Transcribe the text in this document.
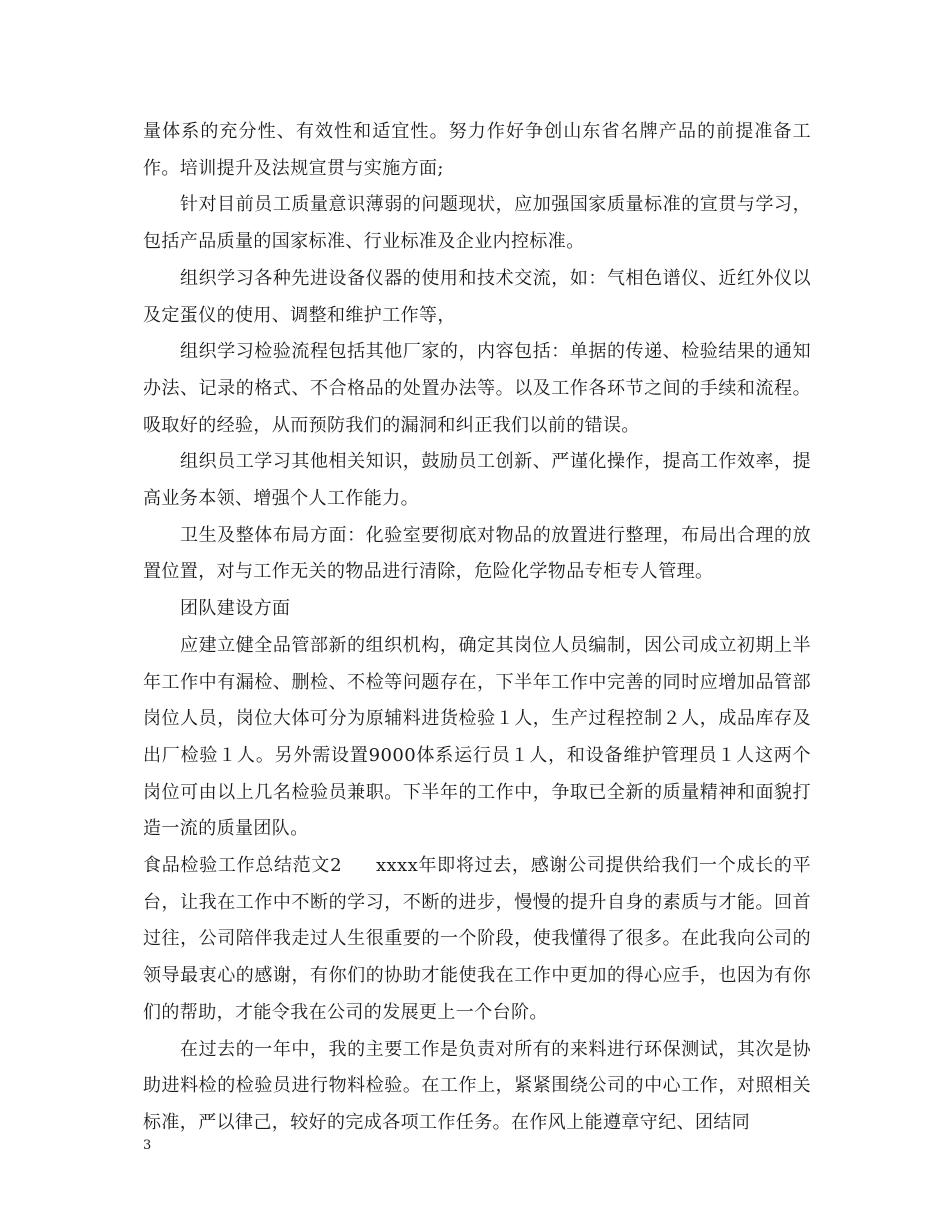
量体系的充分性、有效性和适宜性。努力作好争创山东省名牌产品的前提准备工作。培训提升及法规宣贯与实施方面;

针对目前员工质量意识薄弱的问题现状，应加强国家质量标准的宣贯与学习，包括产品质量的国家标准、行业标准及企业内控标准。

组织学习各种先进设备仪器的使用和技术交流，如：气相色谱仪、近红外仪以及定蛋仪的使用、调整和维护工作等，

组织学习检验流程包括其他厂家的，内容包括：单据的传递、检验结果的通知办法、记录的格式、不合格品的处置办法等。以及工作各环节之间的手续和流程。吸取好的经验，从而预防我们的漏洞和纠正我们以前的错误。

组织员工学习其他相关知识，鼓励员工创新、严谨化操作，提高工作效率，提高业务本领、增强个人工作能力。

卫生及整体布局方面：化验室要彻底对物品的放置进行整理，布局出合理的放置位置，对与工作无关的物品进行清除，危险化学物品专柜专人管理。

团队建设方面

应建立健全品管部新的组织机构，确定其岗位人员编制，因公司成立初期上半年工作中有漏检、删检、不检等问题存在，下半年工作中完善的同时应增加品管部岗位人员，岗位大体可分为原辅料进货检验１人，生产过程控制２人，成品库存及出厂检验１人。另外需设置9000体系运行员１人，和设备维护管理员１人这两个岗位可由以上几名检验员兼职。下半年的工作中，争取已全新的质量精神和面貌打造一流的质量团队。

食品检验工作总结范文2 xxxx年即将过去，感谢公司提供给我们一个成长的平台，让我在工作中不断的学习，不断的进步，慢慢的提升自身的素质与才能。回首过往，公司陪伴我走过人生很重要的一个阶段，使我懂得了很多。在此我向公司的领导最衷心的感谢，有你们的协助才能使我在工作中更加的得心应手，也因为有你们的帮助，才能令我在公司的发展更上一个台阶。

在过去的一年中，我的主要工作是负责对所有的来料进行环保测试，其次是协助进料检的检验员进行物料检验。在工作上，紧紧围绕公司的中心工作，对照相关标准，严以律己，较好的完成各项工作任务。在作风上能遵章守纪、团结同

3
